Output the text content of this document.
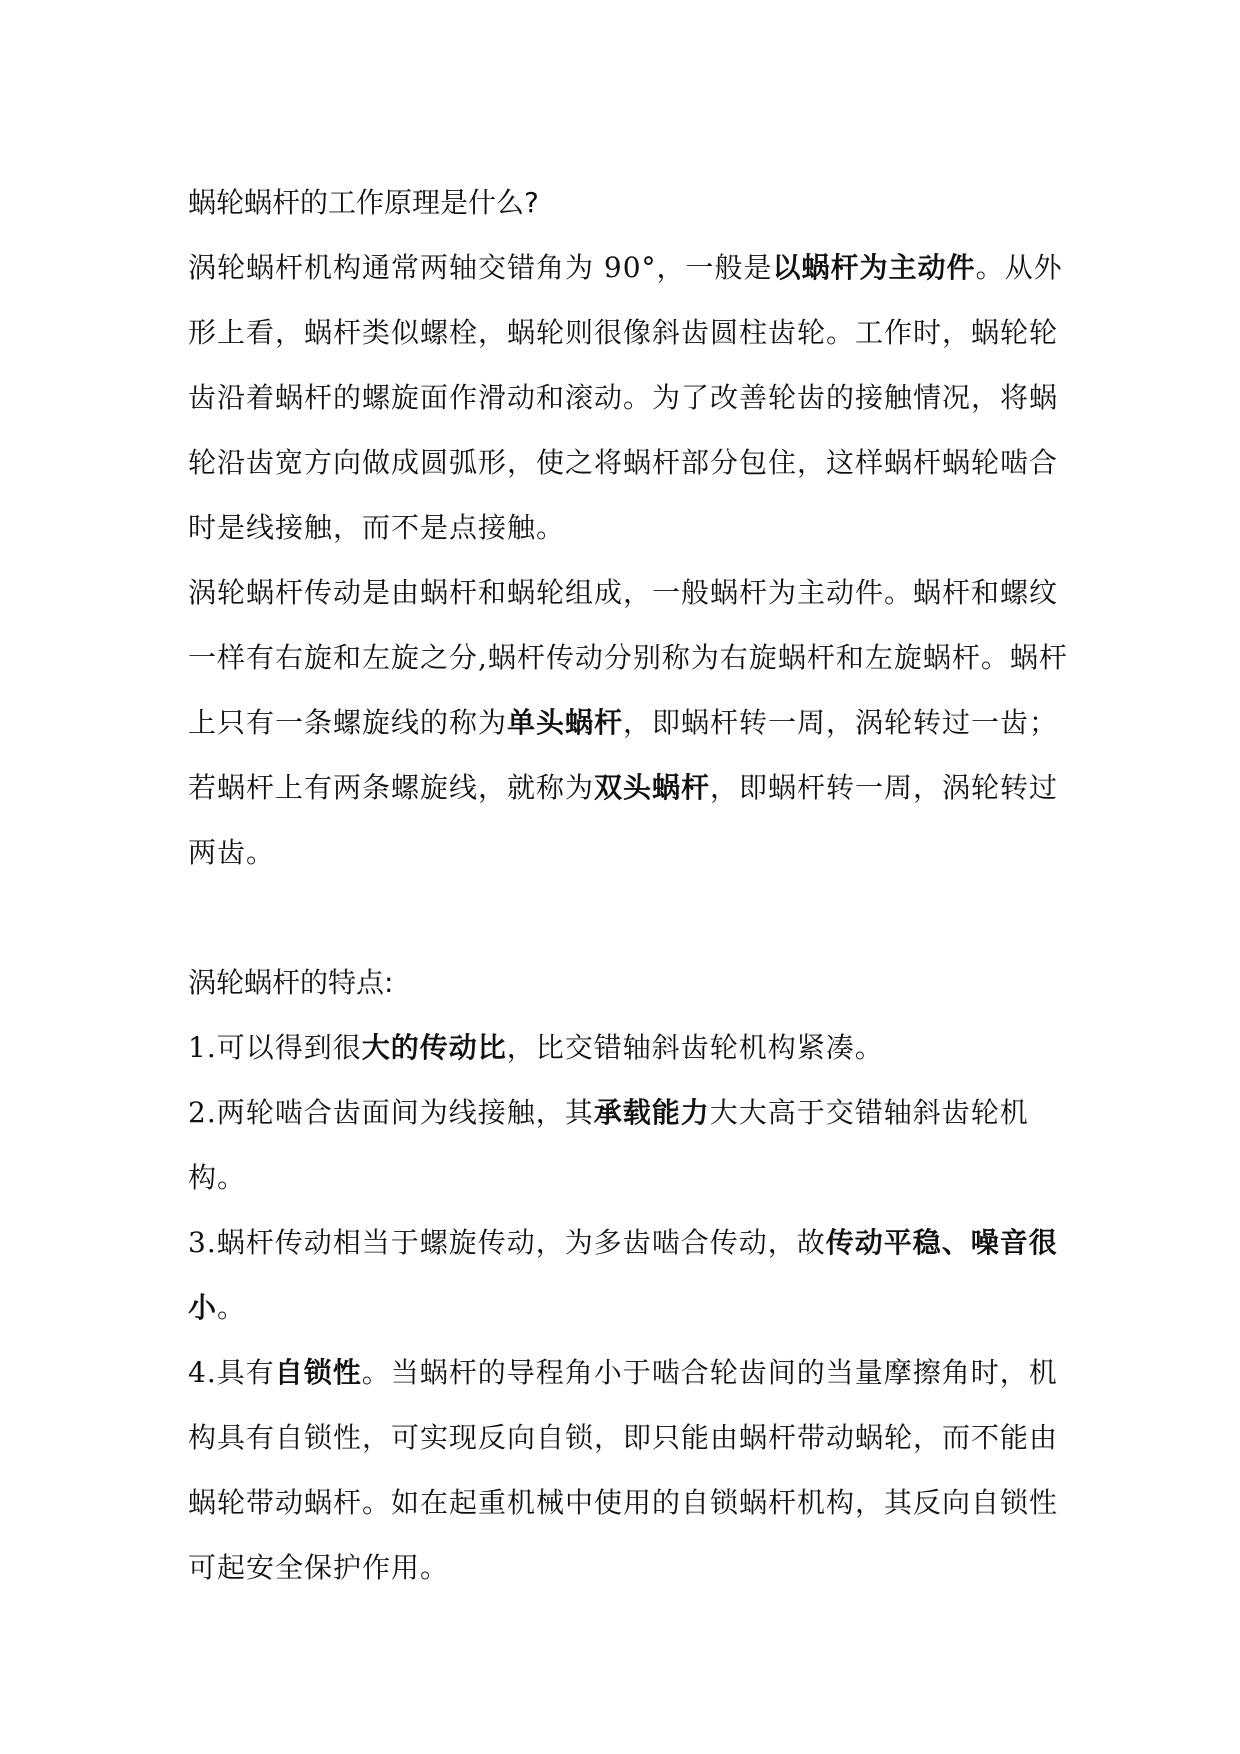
蜗轮蜗杆的工作原理是什么?

涡轮蜗杆机构通常两轴交错角为 90°，一般是以蜗杆为主动件。从外形上看，蜗杆类似螺栓，蜗轮则很像斜齿圆柱齿轮。工作时，蜗轮轮齿沿着蜗杆的螺旋面作滑动和滚动。为了改善轮齿的接触情况，将蜗轮沿齿宽方向做成圆弧形，使之将蜗杆部分包住，这样蜗杆蜗轮啮合时是线接触，而不是点接触。

涡轮蜗杆传动是由蜗杆和蜗轮组成，一般蜗杆为主动件。蜗杆和螺纹一样有右旋和左旋之分,蜗杆传动分别称为右旋蜗杆和左旋蜗杆。蜗杆上只有一条螺旋线的称为单头蜗杆，即蜗杆转一周，涡轮转过一齿；若蜗杆上有两条螺旋线，就称为双头蜗杆，即蜗杆转一周，涡轮转过两齿。

涡轮蜗杆的特点:

1.可以得到很大的传动比，比交错轴斜齿轮机构紧凑。

2.两轮啮合齿面间为线接触，其承载能力大大高于交错轴斜齿轮机构。

3.蜗杆传动相当于螺旋传动，为多齿啮合传动，故传动平稳、噪音很小。

4.具有自锁性。当蜗杆的导程角小于啮合轮齿间的当量摩擦角时，机构具有自锁性，可实现反向自锁，即只能由蜗杆带动蜗轮，而不能由蜗轮带动蜗杆。如在起重机械中使用的自锁蜗杆机构，其反向自锁性可起安全保护作用。
